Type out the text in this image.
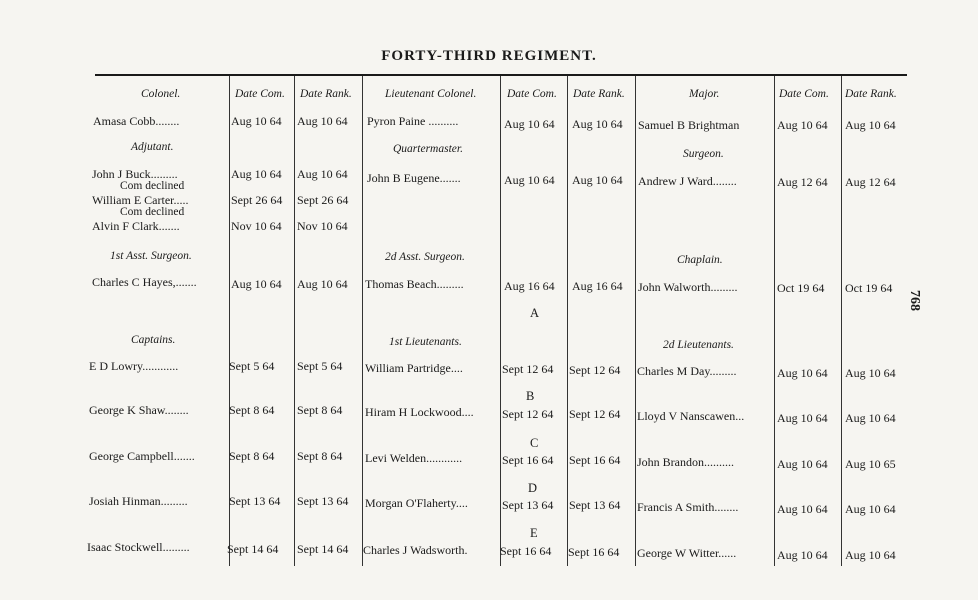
FORTY-THIRD REGIMENT.
768
Colonel.	Date Com. Date Rank.	Lieutenant Colonel.	Date Com. Date Rank.	Major.	Date Com. Date Rank.
Amasa Cobb........	Aug 10 64 Aug 10 64 Pyron Paine ..........	Aug 10 64 Aug 10 64 Samuel B Brightman	Aug 10 64 Aug 10 64
Adjutant.	Quartermaster.	Surgeon.
John J Buck.........	Aug 10 64 Aug 10 64
Com declined
William E Carter.....	Sept 26 64 Sept 26 64
Com declined
Alvin F Clark.......	Nov 10 64 Nov 10 64
John B Eugene.......	Aug 10 64 Aug 10 64 Andrew J Ward........	Aug 12 64 Aug 12 64
1st Asst. Surgeon.	2d Asst. Surgeon.	Chaplain.
Charles C Hayes,.......	Aug 10 64 Aug 10 64 Thomas Beach.........	Aug 16 64 Aug 16 64 John Walworth.........	Oct 19 64 Oct 19 64
Captains.	1st Lieutenants.	2d Lieutenants.
A
E D Lowry............	Sept 5 64 Sept 5 64 William Partridge....	Sept 12 64 Sept 12 64 Charles M Day.........	Aug 10 64 Aug 10 64
B
George K Shaw........	Sept 8 64 Sept 8 64 Hiram H Lockwood.... Sept 12 64 Sept 12 64 Lloyd V Nanscawen...	Aug 10 64 Aug 10 64
C
George Campbell.......	Sept 8 64 Sept 8 64 Levi Welden............	Sept 16 64 Sept 16 64 John Brandon..........	Aug 10 64 Aug 10 65
D
Josiah Hinman.........	Sept 13 64 Sept 13 64 Morgan O'Flaherty....	Sept 13 64 Sept 13 64 Francis A Smith........	Aug 10 64 Aug 10 64
E
Isaac Stockwell.........	Sept 14 64 Sept 14 64 Charles J Wadsworth.	Sept 16 64 Sept 16 64 George W Witter......	Aug 10 64 Aug 10 64
